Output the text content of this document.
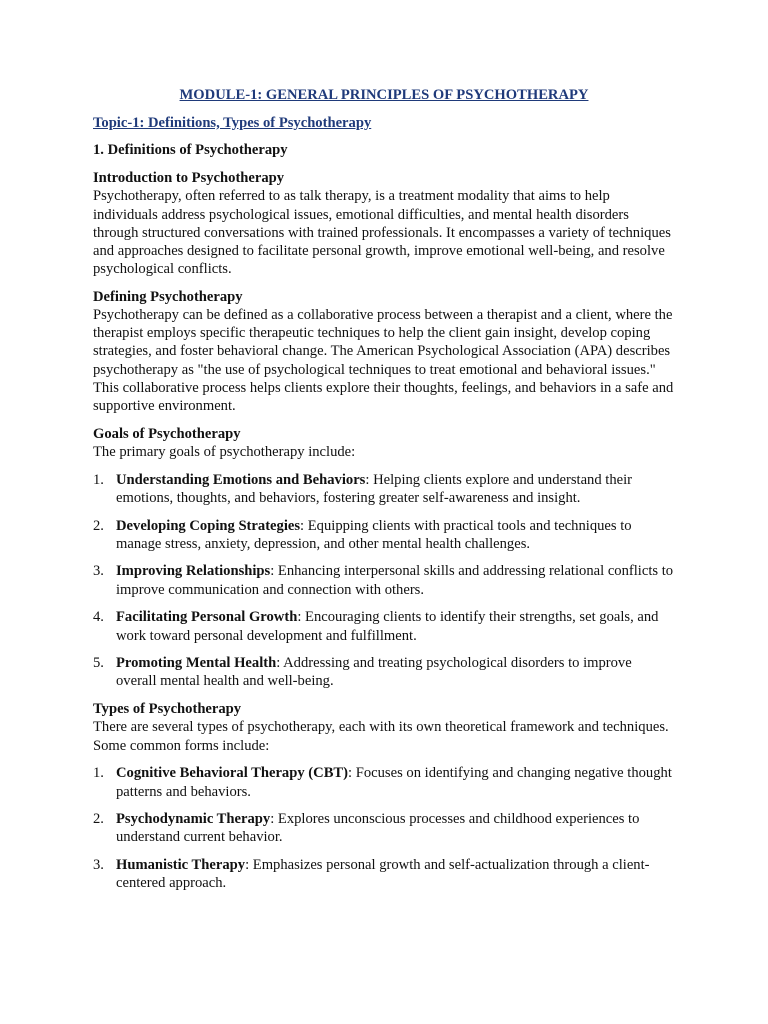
MODULE-1: GENERAL PRINCIPLES OF PSYCHOTHERAPY
Topic-1: Definitions, Types of Psychotherapy
1. Definitions of Psychotherapy
Introduction to Psychotherapy
Psychotherapy, often referred to as talk therapy, is a treatment modality that aims to help individuals address psychological issues, emotional difficulties, and mental health disorders through structured conversations with trained professionals. It encompasses a variety of techniques and approaches designed to facilitate personal growth, improve emotional well-being, and resolve psychological conflicts.
Defining Psychotherapy
Psychotherapy can be defined as a collaborative process between a therapist and a client, where the therapist employs specific therapeutic techniques to help the client gain insight, develop coping strategies, and foster behavioral change. The American Psychological Association (APA) describes psychotherapy as "the use of psychological techniques to treat emotional and behavioral issues." This collaborative process helps clients explore their thoughts, feelings, and behaviors in a safe and supportive environment.
Goals of Psychotherapy
The primary goals of psychotherapy include:
1. Understanding Emotions and Behaviors: Helping clients explore and understand their emotions, thoughts, and behaviors, fostering greater self-awareness and insight.
2. Developing Coping Strategies: Equipping clients with practical tools and techniques to manage stress, anxiety, depression, and other mental health challenges.
3. Improving Relationships: Enhancing interpersonal skills and addressing relational conflicts to improve communication and connection with others.
4. Facilitating Personal Growth: Encouraging clients to identify their strengths, set goals, and work toward personal development and fulfillment.
5. Promoting Mental Health: Addressing and treating psychological disorders to improve overall mental health and well-being.
Types of Psychotherapy
There are several types of psychotherapy, each with its own theoretical framework and techniques. Some common forms include:
1. Cognitive Behavioral Therapy (CBT): Focuses on identifying and changing negative thought patterns and behaviors.
2. Psychodynamic Therapy: Explores unconscious processes and childhood experiences to understand current behavior.
3. Humanistic Therapy: Emphasizes personal growth and self-actualization through a client-centered approach.
